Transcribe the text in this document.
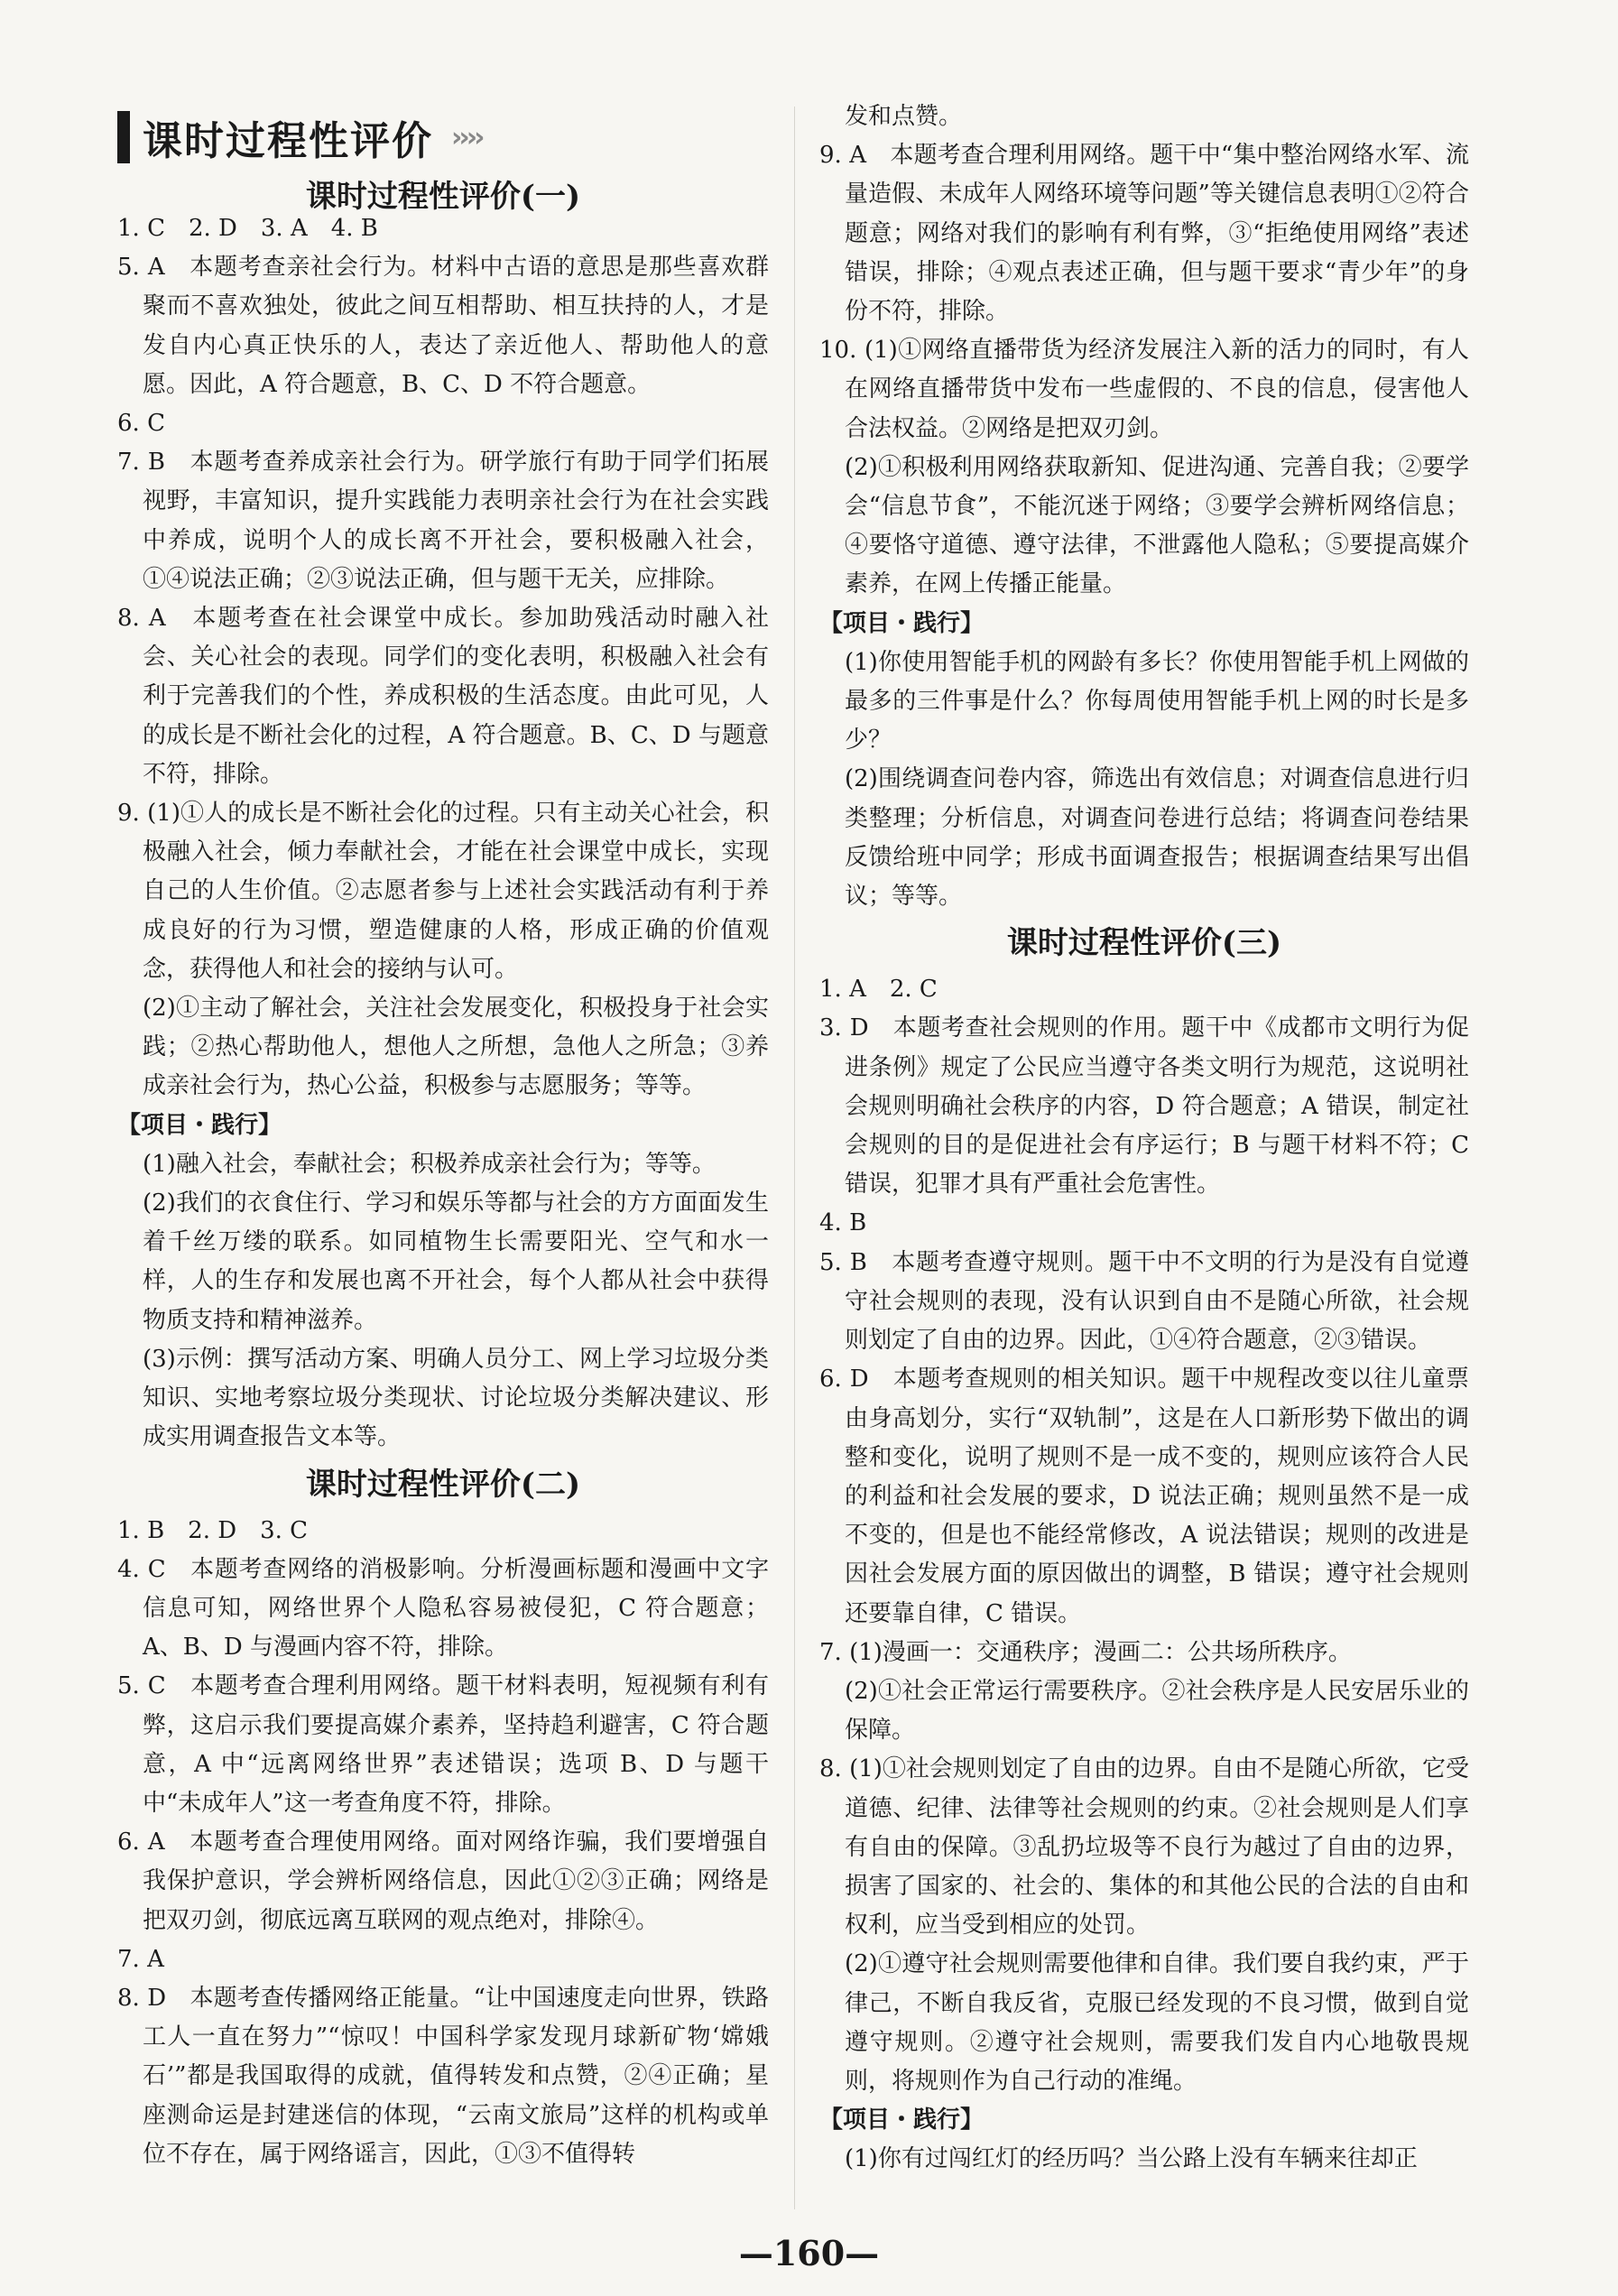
课时过程性评价 ››››
课时过程性评价(一)

1. C　2. D　3. A　4. B

5. A　本题考查亲社会行为。材料中古语的意思是那些喜欢群聚而不喜欢独处，彼此之间互相帮助、相互扶持的人，才是发自内心真正快乐的人，表达了亲近他人、帮助他人的意愿。因此，A 符合题意，B、C、D 不符合题意。

6. C

7. B　本题考查养成亲社会行为。研学旅行有助于同学们拓展视野，丰富知识，提升实践能力表明亲社会行为在社会实践中养成，说明个人的成长离不开社会，要积极融入社会，①④说法正确；②③说法正确，但与题干无关，应排除。

8. A　本题考查在社会课堂中成长。参加助残活动时融入社会、关心社会的表现。同学们的变化表明，积极融入社会有利于完善我们的个性，养成积极的生活态度。由此可见，人的成长是不断社会化的过程，A 符合题意。B、C、D 与题意不符，排除。

9. (1)①人的成长是不断社会化的过程。只有主动关心社会，积极融入社会，倾力奉献社会，才能在社会课堂中成长，实现自己的人生价值。②志愿者参与上述社会实践活动有利于养成良好的行为习惯，塑造健康的人格，形成正确的价值观念，获得他人和社会的接纳与认可。

(2)①主动了解社会，关注社会发展变化，积极投身于社会实践；②热心帮助他人，想他人之所想，急他人之所急；③养成亲社会行为，热心公益，积极参与志愿服务；等等。

【项目・践行】

(1)融入社会，奉献社会；积极养成亲社会行为；等等。

(2)我们的衣食住行、学习和娱乐等都与社会的方方面面发生着千丝万缕的联系。如同植物生长需要阳光、空气和水一样，人的生存和发展也离不开社会，每个人都从社会中获得物质支持和精神滋养。

(3)示例：撰写活动方案、明确人员分工、网上学习垃圾分类知识、实地考察垃圾分类现状、讨论垃圾分类解决建议、形成实用调查报告文本等。

课时过程性评价(二)

1. B　2. D　3. C

4. C　本题考查网络的消极影响。分析漫画标题和漫画中文字信息可知，网络世界个人隐私容易被侵犯，C 符合题意；A、B、D 与漫画内容不符，排除。

5. C　本题考查合理利用网络。题干材料表明，短视频有利有弊，这启示我们要提高媒介素养，坚持趋利避害，C 符合题意，A 中“远离网络世界”表述错误；选项 B、D 与题干中“未成年人”这一考查角度不符，排除。

6. A　本题考查合理使用网络。面对网络诈骗，我们要增强自我保护意识，学会辨析网络信息，因此①②③正确；网络是把双刃剑，彻底远离互联网的观点绝对，排除④。

7. A

8. D　本题考查传播网络正能量。“让中国速度走向世界，铁路工人一直在努力”“惊叹！中国科学家发现月球新矿物‘嫦娥石’”都是我国取得的成就，值得转发和点赞，②④正确；星座测命运是封建迷信的体现，“云南文旅局”这样的机构或单位不存在，属于网络谣言，因此，①③不值得转

发和点赞。

9. A　本题考查合理利用网络。题干中“集中整治网络水军、流量造假、未成年人网络环境等问题”等关键信息表明①②符合题意；网络对我们的影响有利有弊，③“拒绝使用网络”表述错误，排除；④观点表述正确，但与题干要求“青少年”的身份不符，排除。

10. (1)①网络直播带货为经济发展注入新的活力的同时，有人在网络直播带货中发布一些虚假的、不良的信息，侵害他人合法权益。②网络是把双刃剑。

(2)①积极利用网络获取新知、促进沟通、完善自我；②要学会“信息节食”，不能沉迷于网络；③要学会辨析网络信息；④要恪守道德、遵守法律，不泄露他人隐私；⑤要提高媒介素养，在网上传播正能量。

【项目・践行】

(1)你使用智能手机的网龄有多长？你使用智能手机上网做的最多的三件事是什么？你每周使用智能手机上网的时长是多少？

(2)围绕调查问卷内容，筛选出有效信息；对调查信息进行归类整理；分析信息，对调查问卷进行总结；将调查问卷结果反馈给班中同学；形成书面调查报告；根据调查结果写出倡议；等等。

课时过程性评价(三)

1. A　2. C

3. D　本题考查社会规则的作用。题干中《成都市文明行为促进条例》规定了公民应当遵守各类文明行为规范，这说明社会规则明确社会秩序的内容，D 符合题意；A 错误，制定社会规则的目的是促进社会有序运行；B 与题干材料不符；C 错误，犯罪才具有严重社会危害性。

4. B

5. B　本题考查遵守规则。题干中不文明的行为是没有自觉遵守社会规则的表现，没有认识到自由不是随心所欲，社会规则划定了自由的边界。因此，①④符合题意，②③错误。

6. D　本题考查规则的相关知识。题干中规程改变以往儿童票由身高划分，实行“双轨制”，这是在人口新形势下做出的调整和变化，说明了规则不是一成不变的，规则应该符合人民的利益和社会发展的要求，D 说法正确；规则虽然不是一成不变的，但是也不能经常修改，A 说法错误；规则的改进是因社会发展方面的原因做出的调整，B 错误；遵守社会规则还要靠自律，C 错误。

7. (1)漫画一：交通秩序；漫画二：公共场所秩序。

(2)①社会正常运行需要秩序。②社会秩序是人民安居乐业的保障。

8. (1)①社会规则划定了自由的边界。自由不是随心所欲，它受道德、纪律、法律等社会规则的约束。②社会规则是人们享有自由的保障。③乱扔垃圾等不良行为越过了自由的边界，损害了国家的、社会的、集体的和其他公民的合法的自由和权利，应当受到相应的处罚。

(2)①遵守社会规则需要他律和自律。我们要自我约束，严于律己，不断自我反省，克服已经发现的不良习惯，做到自觉遵守规则。②遵守社会规则，需要我们发自内心地敬畏规则，将规则作为自己行动的准绳。

【项目・践行】

(1)你有过闯红灯的经历吗？当公路上没有车辆来往却正

—160—
